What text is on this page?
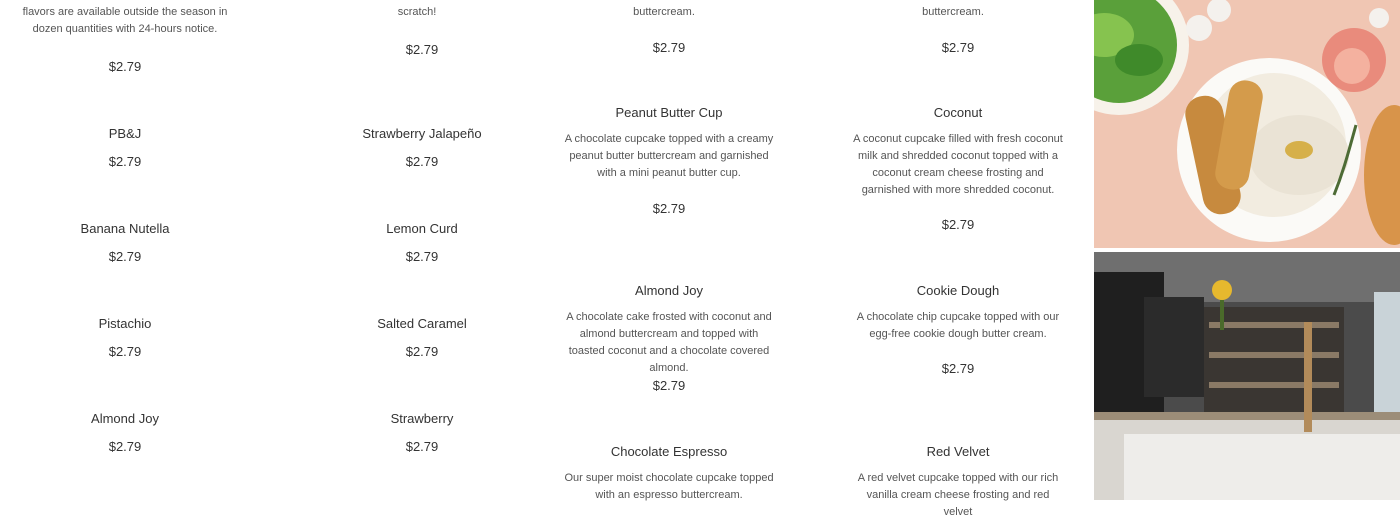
flavors are available outside the season in
dozen quantities with 24-hours notice.
$2.79
PB&J
$2.79
Banana Nutella
$2.79
Pistachio
$2.79
Almond Joy
$2.79
scratch!
$2.79
Strawberry Jalapeño
$2.79
Lemon Curd
$2.79
Salted Caramel
$2.79
Strawberry
$2.79
buttercream.
$2.79
Peanut Butter Cup
A chocolate cupcake topped with a creamy peanut butter buttercream and garnished with a mini peanut butter cup.
$2.79
Almond Joy
A chocolate cake frosted with coconut and almond buttercream and topped with toasted coconut and a chocolate covered almond.
$2.79
Chocolate Espresso
Our super moist chocolate cupcake topped with an espresso buttercream.
buttercream.
$2.79
Coconut
A coconut cupcake filled with fresh coconut milk and shredded coconut topped with a coconut cream cheese frosting and garnished with more shredded coconut.
$2.79
Cookie Dough
A chocolate chip cupcake topped with our egg-free cookie dough butter cream.
$2.79
Red Velvet
A red velvet cupcake topped with our rich vanilla cream cheese frosting and red velvet
